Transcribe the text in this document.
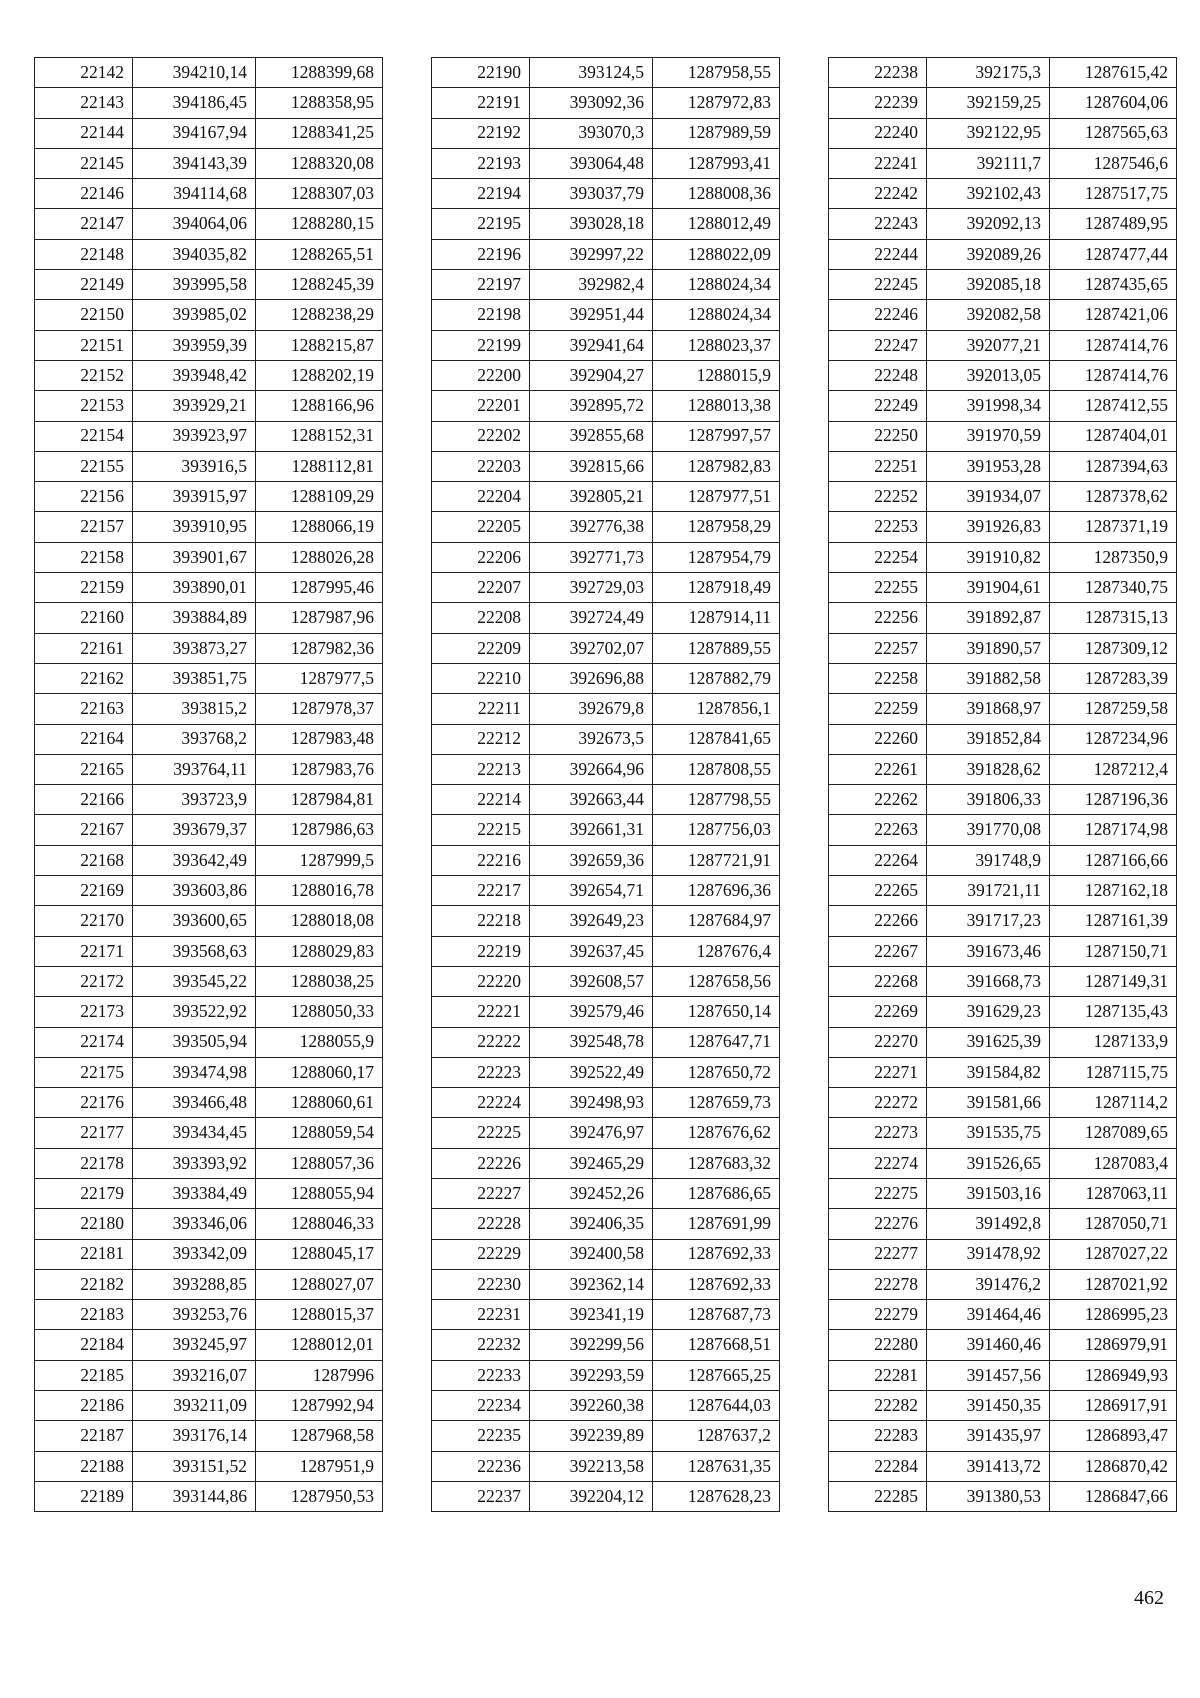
22142	394210,14	1288399,68
22143	394186,45	1288358,95
22144	394167,94	1288341,25
22145	394143,39	1288320,08
22146	394114,68	1288307,03
22147	394064,06	1288280,15
22148	394035,82	1288265,51
22149	393995,58	1288245,39
22150	393985,02	1288238,29
22151	393959,39	1288215,87
22152	393948,42	1288202,19
22153	393929,21	1288166,96
22154	393923,97	1288152,31
22155	393916,5	1288112,81
22156	393915,97	1288109,29
22157	393910,95	1288066,19
22158	393901,67	1288026,28
22159	393890,01	1287995,46
22160	393884,89	1287987,96
22161	393873,27	1287982,36
22162	393851,75	1287977,5
22163	393815,2	1287978,37
22164	393768,2	1287983,48
22165	393764,11	1287983,76
22166	393723,9	1287984,81
22167	393679,37	1287986,63
22168	393642,49	1287999,5
22169	393603,86	1288016,78
22170	393600,65	1288018,08
22171	393568,63	1288029,83
22172	393545,22	1288038,25
22173	393522,92	1288050,33
22174	393505,94	1288055,9
22175	393474,98	1288060,17
22176	393466,48	1288060,61
22177	393434,45	1288059,54
22178	393393,92	1288057,36
22179	393384,49	1288055,94
22180	393346,06	1288046,33
22181	393342,09	1288045,17
22182	393288,85	1288027,07
22183	393253,76	1288015,37
22184	393245,97	1288012,01
22185	393216,07	1287996
22186	393211,09	1287992,94
22187	393176,14	1287968,58
22188	393151,52	1287951,9
22189	393144,86	1287950,53
22190	393124,5	1287958,55
22191	393092,36	1287972,83
22192	393070,3	1287989,59
22193	393064,48	1287993,41
22194	393037,79	1288008,36
22195	393028,18	1288012,49
22196	392997,22	1288022,09
22197	392982,4	1288024,34
22198	392951,44	1288024,34
22199	392941,64	1288023,37
22200	392904,27	1288015,9
22201	392895,72	1288013,38
22202	392855,68	1287997,57
22203	392815,66	1287982,83
22204	392805,21	1287977,51
22205	392776,38	1287958,29
22206	392771,73	1287954,79
22207	392729,03	1287918,49
22208	392724,49	1287914,11
22209	392702,07	1287889,55
22210	392696,88	1287882,79
22211	392679,8	1287856,1
22212	392673,5	1287841,65
22213	392664,96	1287808,55
22214	392663,44	1287798,55
22215	392661,31	1287756,03
22216	392659,36	1287721,91
22217	392654,71	1287696,36
22218	392649,23	1287684,97
22219	392637,45	1287676,4
22220	392608,57	1287658,56
22221	392579,46	1287650,14
22222	392548,78	1287647,71
22223	392522,49	1287650,72
22224	392498,93	1287659,73
22225	392476,97	1287676,62
22226	392465,29	1287683,32
22227	392452,26	1287686,65
22228	392406,35	1287691,99
22229	392400,58	1287692,33
22230	392362,14	1287692,33
22231	392341,19	1287687,73
22232	392299,56	1287668,51
22233	392293,59	1287665,25
22234	392260,38	1287644,03
22235	392239,89	1287637,2
22236	392213,58	1287631,35
22237	392204,12	1287628,23
22238	392175,3	1287615,42
22239	392159,25	1287604,06
22240	392122,95	1287565,63
22241	392111,7	1287546,6
22242	392102,43	1287517,75
22243	392092,13	1287489,95
22244	392089,26	1287477,44
22245	392085,18	1287435,65
22246	392082,58	1287421,06
22247	392077,21	1287414,76
22248	392013,05	1287414,76
22249	391998,34	1287412,55
22250	391970,59	1287404,01
22251	391953,28	1287394,63
22252	391934,07	1287378,62
22253	391926,83	1287371,19
22254	391910,82	1287350,9
22255	391904,61	1287340,75
22256	391892,87	1287315,13
22257	391890,57	1287309,12
22258	391882,58	1287283,39
22259	391868,97	1287259,58
22260	391852,84	1287234,96
22261	391828,62	1287212,4
22262	391806,33	1287196,36
22263	391770,08	1287174,98
22264	391748,9	1287166,66
22265	391721,11	1287162,18
22266	391717,23	1287161,39
22267	391673,46	1287150,71
22268	391668,73	1287149,31
22269	391629,23	1287135,43
22270	391625,39	1287133,9
22271	391584,82	1287115,75
22272	391581,66	1287114,2
22273	391535,75	1287089,65
22274	391526,65	1287083,4
22275	391503,16	1287063,11
22276	391492,8	1287050,71
22277	391478,92	1287027,22
22278	391476,2	1287021,92
22279	391464,46	1286995,23
22280	391460,46	1286979,91
22281	391457,56	1286949,93
22282	391450,35	1286917,91
22283	391435,97	1286893,47
22284	391413,72	1286870,42
22285	391380,53	1286847,66
462
